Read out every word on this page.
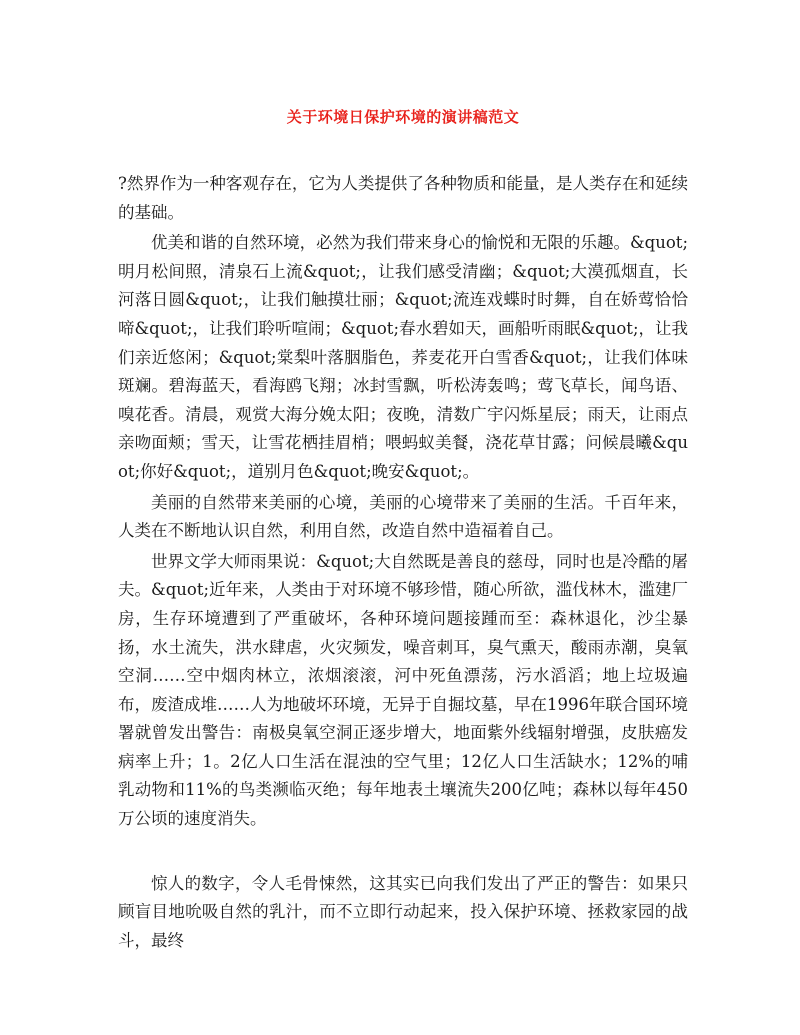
关于环境日保护环境的演讲稿范文

?然界作为一种客观存在，它为人类提供了各种物质和能量，是人类存在和延续的基础。

优美和谐的自然环境，必然为我们带来身心的愉悦和无限的乐趣。&quot;明月松间照，清泉石上流&quot;，让我们感受清幽；&quot;大漠孤烟直，长河落日圆&quot;，让我们触摸壮丽；&quot;流连戏蝶时时舞，自在娇莺恰恰啼&quot;，让我们聆听喧闹；&quot;春水碧如天，画船听雨眠&quot;，让我们亲近悠闲；&quot;棠梨叶落胭脂色，荞麦花开白雪香&quot;，让我们体味斑斓。碧海蓝天，看海鸥飞翔；冰封雪飘，听松涛轰鸣；莺飞草长，闻鸟语、嗅花香。清晨，观赏大海分娩太阳；夜晚，清数广宇闪烁星辰；雨天，让雨点亲吻面颊；雪天，让雪花栖挂眉梢；喂蚂蚁美餐，浇花草甘露；问候晨曦&quot;你好&quot;，道别月色&quot;晚安&quot;。

美丽的自然带来美丽的心境，美丽的心境带来了美丽的生活。千百年来，人类在不断地认识自然，利用自然，改造自然中造福着自己。

世界文学大师雨果说：&quot;大自然既是善良的慈母，同时也是冷酷的屠夫。&quot;近年来，人类由于对环境不够珍惜，随心所欲，滥伐林木，滥建厂房，生存环境遭到了严重破坏，各种环境问题接踵而至：森林退化，沙尘暴扬，水土流失，洪水肆虐，火灾频发，噪音刺耳，臭气熏天，酸雨赤潮，臭氧空洞……空中烟肉林立，浓烟滚滚，河中死鱼漂荡，污水滔滔；地上垃圾遍布，废渣成堆……人为地破坏环境，无异于自掘坟墓，早在1996年联合国环境署就曾发出警告：南极臭氧空洞正逐步增大，地面紫外线辐射增强，皮肤癌发病率上升；1。2亿人口生活在混浊的空气里；12亿人口生活缺水；12%的哺乳动物和11%的鸟类濒临灭绝；每年地表土壤流失200亿吨；森林以每年450万公顷的速度消失。

惊人的数字，令人毛骨悚然，这其实已向我们发出了严正的警告：如果只顾盲目地吮吸自然的乳汁，而不立即行动起来，投入保护环境、拯救家园的战斗，最终
